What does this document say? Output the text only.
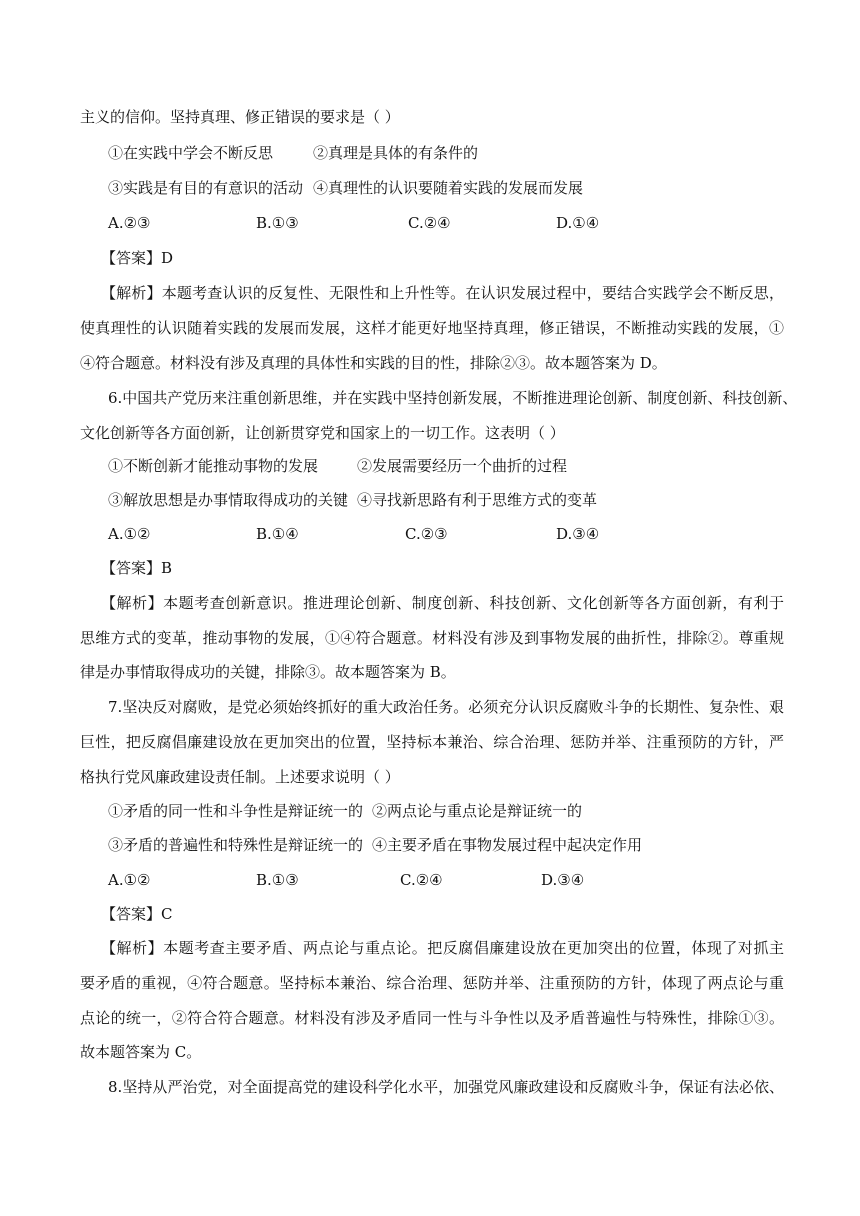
主义的信仰。坚持真理、修正错误的要求是（ ）
①在实践中学会不断反思	②真理是具体的有条件的
③实践是有目的有意识的活动 ④真理性的认识要随着实践的发展而发展
A.②③	B.①③	C.②④	D.①④
【答案】D
【解析】本题考查认识的反复性、无限性和上升性等。在认识发展过程中，要结合实践学会不断反思，
使真理性的认识随着实践的发展而发展，这样才能更好地坚持真理，修正错误，不断推动实践的发展，①
④符合题意。材料没有涉及真理的具体性和实践的目的性，排除②③。故本题答案为 D。
6.中国共产党历来注重创新思维，并在实践中坚持创新发展，不断推进理论创新、制度创新、科技创新、
文化创新等各方面创新，让创新贯穿党和国家上的一切工作。这表明（ ）
①不断创新才能推动事物的发展	②发展需要经历一个曲折的过程
③解放思想是办事情取得成功的关键 ④寻找新思路有利于思维方式的变革
A.①②	B.①④	C.②③	D.③④
【答案】B
【解析】本题考查创新意识。推进理论创新、制度创新、科技创新、文化创新等各方面创新，有利于
思维方式的变革，推动事物的发展，①④符合题意。材料没有涉及到事物发展的曲折性，排除②。尊重规
律是办事情取得成功的关键，排除③。故本题答案为 B。
7.坚决反对腐败，是党必须始终抓好的重大政治任务。必须充分认识反腐败斗争的长期性、复杂性、艰
巨性，把反腐倡廉建设放在更加突出的位置，坚持标本兼治、综合治理、惩防并举、注重预防的方针，严
格执行党风廉政建设责任制。上述要求说明（ ）
①矛盾的同一性和斗争性是辩证统一的 ②两点论与重点论是辩证统一的
③矛盾的普遍性和特殊性是辩证统一的 ④主要矛盾在事物发展过程中起决定作用
A.①②	B.①③	C.②④	D.③④
【答案】C
【解析】本题考查主要矛盾、两点论与重点论。把反腐倡廉建设放在更加突出的位置，体现了对抓主
要矛盾的重视，④符合题意。坚持标本兼治、综合治理、惩防并举、注重预防的方针，体现了两点论与重
点论的统一，②符合符合题意。材料没有涉及矛盾同一性与斗争性以及矛盾普遍性与特殊性，排除①③。
故本题答案为 C。
8.坚持从严治党，对全面提高党的建设科学化水平，加强党风廉政建设和反腐败斗争，保证有法必依、
